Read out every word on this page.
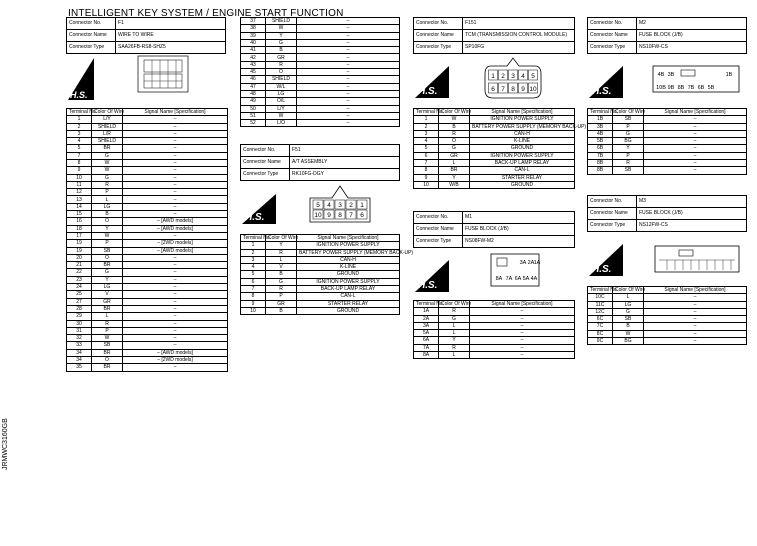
INTELLIGENT KEY SYSTEM / ENGINE START FUNCTION
JRMWC3160GB
Connector No.	F1
Connector Name	WIRE TO WIRE
Connector Type	SAA26FB-RS8-SHZ5
H.S.
Terminal No.	Color Of Wire	Signal Name [Specification]
1	L/Y	–
2	SHIELD	–
3	L/R	–
4	SHIELD	–
5	BR	–
7	G	–
8	W	–
9	W	–
10	G	–
11	R	–
12	P	–
13	L	–
14	LG	–
15	B	–
16	O	– [AWD models]
18	Y	– [AWD models]
17	W	–
19	P	– [2WD models]
19	SB	– [AWD models]
20	O	–
21	BR	–
22	G	–
23	Y	–
24	LG	–
25	V	–
27	GR	–
28	BR	–
29	L	–
30	R	–
31	P	–
32	W	–
33	SB	–
34	BR	– [AWD models]
34	O	– [2WD models]
35	BR	–
37	SHIELD	–
38	W	–
39	Y	–
40	G	–
41	B	–
42	GR	–
43	R	–
45	O	–
46	SHIELD	–
47	W/L	–
48	LG	–
49	O/L	–
50	L/Y	–
51	W	–
52	L/O	–
Connector No.	F51
Connector Name	A/T ASSEMBLY
Connector Type	RK10FG-DGY
H.S.
5 4 3 2 1
10 9 8 7 6
Terminal No.	Color Of Wire	Signal Name [Specification]
1	Y	IGNITION POWER SUPPLY
2	R	BATTERY POWER SUPPLY (MEMORY BACK-UP)
3	L	CAN-H
4	V	K-LINE
5	B	GROUND
6	G	IGNITION POWER SUPPLY
7	R	BACK-UP LAMP RELAY
8	P	CAN-L
9	GR	STARTER RELAY
10	B	GROUND
Connector No.	F151
Connector Name	TCM (TRANSMISSION CONTROL MODULE)
Connector Type	SP10FG
H.S.
1 2 3 4 5
6 7 8 9 10
Terminal No.	Color Of Wire	Signal Name [Specification]
1	W	IGNITION POWER SUPPLY
2	B	BATTERY POWER SUPPLY (MEMORY BACK-UP)
3	R	CAN-H
4	O	K-LINE
5	G	GROUND
6	GR	IGNITION POWER SUPPLY
7	L	BACK-UP LAMP RELAY
8	BR	CAN-L
9	Y	STARTER RELAY
10	W/B	GROUND
Connector No.	M1
Connector Name	FUSE BLOCK (J/B)
Connector Type	NS08FW-M2
H.S.
3A 2A 1A
8A 7A 6A 5A 4A
Terminal No.	Color Of Wire	Signal Name [Specification]
1A	R	–
2A	G	–
3A	L	–
5A	L	–
6A	Y	–
7A	R	–
8A	L	–
Connector No.	M2
Connector Name	FUSE BLOCK (J/B)
Connector Type	NS10FW-CS
H.S.
4B 3B	1B
10B 9B 8B 7B 6B 5B
Terminal No.	Color Of Wire	Signal Name [Specification]
1B	SB	–
3B	P	–
4B	G	–
5B	BG	–
6B	Y	–
7B	P	–
8B	R	–
8B	SB	–
Connector No.	M3
Connector Name	FUSE BLOCK (J/B)
Connector Type	NS12FW-CS
H.S.
Terminal No.	Color Of Wire	Signal Name [Specification]
10C	L	–
11C	LG	–
12C	G	–
6C	SB	–
7C	B	–
8C	W	–
9C	BG	–
